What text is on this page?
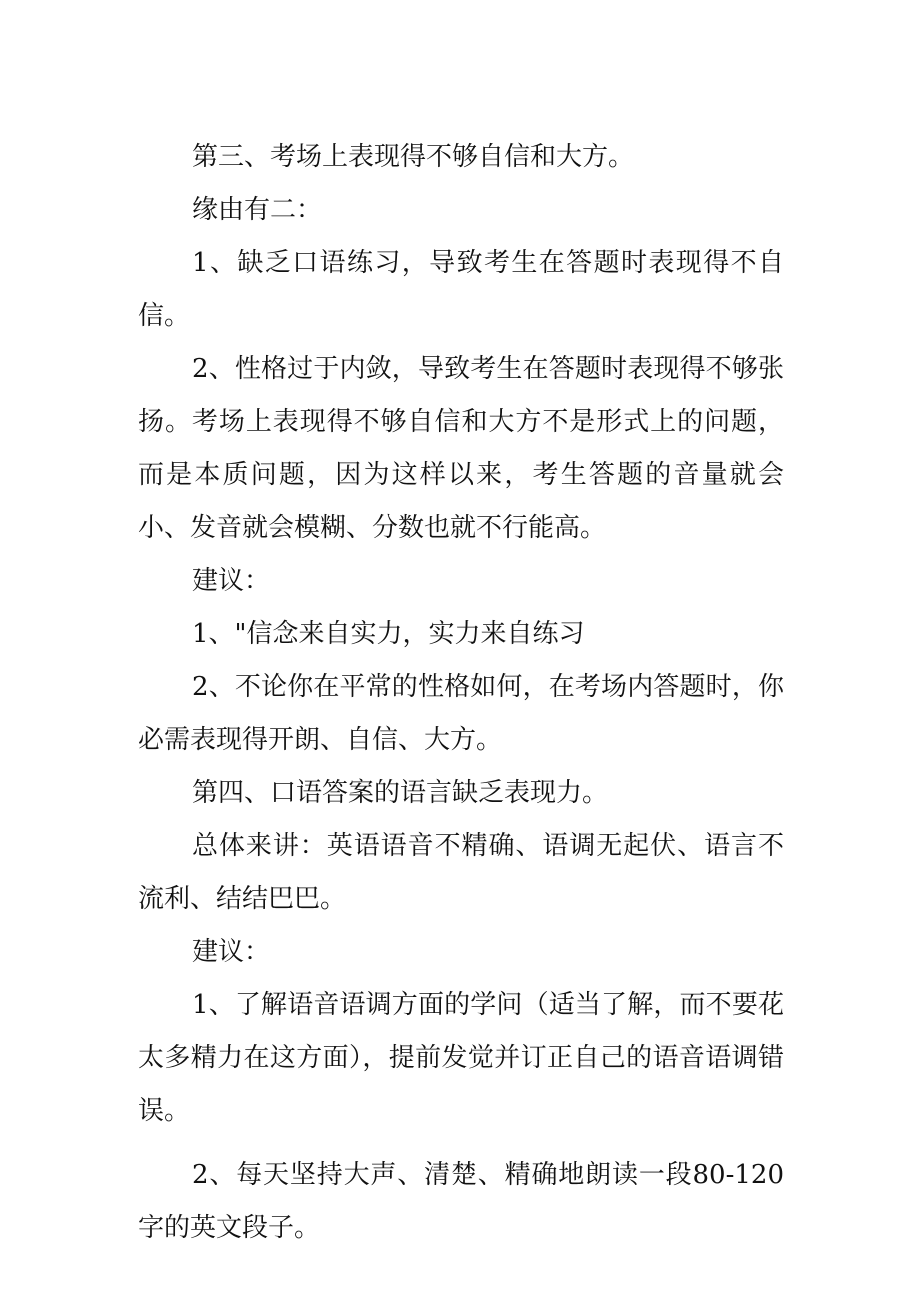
第三、考场上表现得不够自信和大方。

缘由有二：

1、缺乏口语练习，导致考生在答题时表现得不自信。

2、性格过于内敛，导致考生在答题时表现得不够张扬。考场上表现得不够自信和大方不是形式上的问题，而是本质问题，因为这样以来，考生答题的音量就会小、发音就会模糊、分数也就不行能高。

建议：

1、"信念来自实力，实力来自练习

2、不论你在平常的性格如何，在考场内答题时，你必需表现得开朗、自信、大方。

第四、口语答案的语言缺乏表现力。

总体来讲：英语语音不精确、语调无起伏、语言不流利、结结巴巴。

建议：

1、了解语音语调方面的学问（适当了解，而不要花太多精力在这方面），提前发觉并订正自己的语音语调错误。

2、每天坚持大声、清楚、精确地朗读一段80-120字的英文段子。
